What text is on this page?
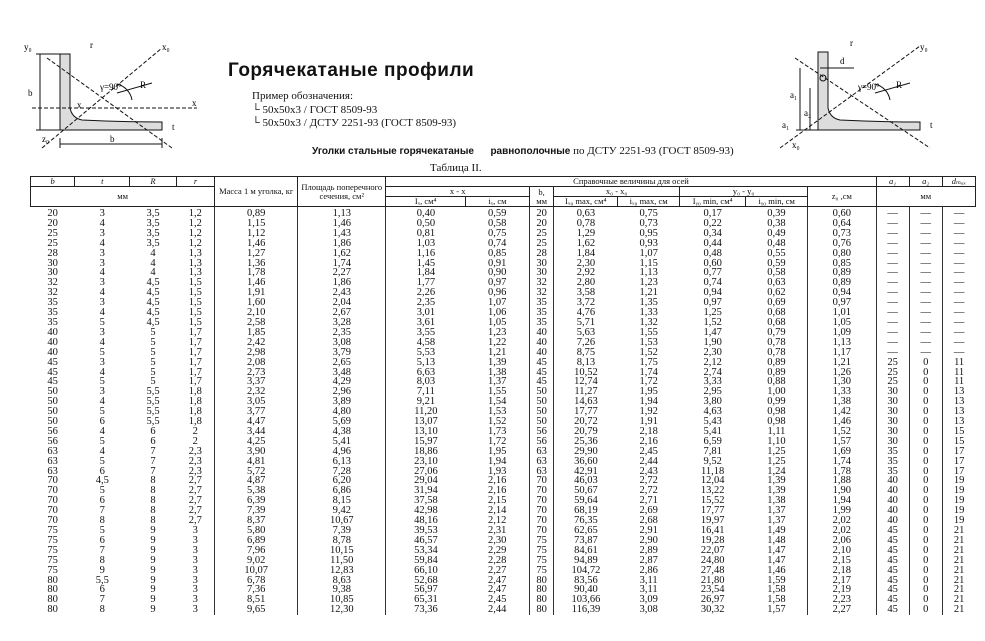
b
x	x
b
γ=90° R
r
y₀	x₀
t
z₀
Горячекатаные профили
Пример обозначения:
└ 50x50x3 / ГОСТ 8509-93
└ 50x50x3 / ДСТУ 2251-93 (ГОСТ 8509-93)
a₁
a₂
a₁
R
r
γ=90°
y₀
x₀
t
d
Уголки стальные горячекатаные равнополочные по ДСТУ 2251-93 (ГОСТ 8509-93)
Таблица II.
b	t	R	r	Масса 1 м уголка, кг	Площадь поперечного сечения, см²	Справочные величины для осей								a₁	a₂	dₘₐₓ
мм						x - x		b,
мм	x₀ - x₀		y₀ - y₀		z₀ ,см	мм		
						Iₓ, см⁴	iₓ, см		Iₓ₀ max, см⁴	iₓ₀ max, см	Iᵧ₀ min, см⁴	iᵧ₀ min, см				
20	3	3,5	1,2	0,89	1,13	0,40	0,59	20	0,63	0,75	0,17	0,39	0,60	—	—	—
20	4	3,5	1,2	1,15	1,46	0,50	0,58	20	0,78	0,73	0,22	0,38	0,64	—	—	—
25	3	3,5	1,2	1,12	1,43	0,81	0,75	25	1,29	0,95	0,34	0,49	0,73	—	—	—
25	4	3,5	1,2	1,46	1,86	1,03	0,74	25	1,62	0,93	0,44	0,48	0,76	—	—	—
28	3	4	1,3	1,27	1,62	1,16	0,85	28	1,84	1,07	0,48	0,55	0,80	—	—	—
30	3	4	1,3	1,36	1,74	1,45	0,91	30	2,30	1,15	0,60	0,59	0,85	—	—	—
30	4	4	1,3	1,78	2,27	1,84	0,90	30	2,92	1,13	0,77	0,58	0,89	—	—	—
32	3	4,5	1,5	1,46	1,86	1,77	0,97	32	2,80	1,23	0,74	0,63	0,89	—	—	—
32	4	4,5	1,5	1,91	2,43	2,26	0,96	32	3,58	1,21	0,94	0,62	0,94	—	—	—
35	3	4,5	1,5	1,60	2,04	2,35	1,07	35	3,72	1,35	0,97	0,69	0,97	—	—	—
35	4	4,5	1,5	2,10	2,67	3,01	1,06	35	4,76	1,33	1,25	0,68	1,01	—	—	—
35	5	4,5	1,5	2,58	3,28	3,61	1,05	35	5,71	1,32	1,52	0,68	1,05	—	—	—
40	3	5	1,7	1,85	2,35	3,55	1,23	40	5,63	1,55	1,47	0,79	1,09	—	—	—
40	4	5	1,7	2,42	3,08	4,58	1,22	40	7,26	1,53	1,90	0,78	1,13	—	—	—
40	5	5	1,7	2,98	3,79	5,53	1,21	40	8,75	1,52	2,30	0,78	1,17	—	—	—
45	3	5	1,7	2,08	2,65	5,13	1,39	45	8,13	1,75	2,12	0,89	1,21	25	0	11
45	4	5	1,7	2,73	3,48	6,63	1,38	45	10,52	1,74	2,74	0,89	1,26	25	0	11
45	5	5	1,7	3,37	4,29	8,03	1,37	45	12,74	1,72	3,33	0,88	1,30	25	0	11
50	3	5,5	1,8	2,32	2,96	7,11	1,55	50	11,27	1,95	2,95	1,00	1,33	30	0	13
50	4	5,5	1,8	3,05	3,89	9,21	1,54	50	14,63	1,94	3,80	0,99	1,38	30	0	13
50	5	5,5	1,8	3,77	4,80	11,20	1,53	50	17,77	1,92	4,63	0,98	1,42	30	0	13
50	6	5,5	1,8	4,47	5,69	13,07	1,52	50	20,72	1,91	5,43	0,98	1,46	30	0	13
56	4	6	2	3,44	4,38	13,10	1,73	56	20,79	2,18	5,41	1,11	1,52	30	0	15
56	5	6	2	4,25	5,41	15,97	1,72	56	25,36	2,16	6,59	1,10	1,57	30	0	15
63	4	7	2,3	3,90	4,96	18,86	1,95	63	29,90	2,45	7,81	1,25	1,69	35	0	17
63	5	7	2,3	4,81	6,13	23,10	1,94	63	36,60	2,44	9,52	1,25	1,74	35	0	17
63	6	7	2,3	5,72	7,28	27,06	1,93	63	42,91	2,43	11,18	1,24	1,78	35	0	17
70	4,5	8	2,7	4,87	6,20	29,04	2,16	70	46,03	2,72	12,04	1,39	1,88	40	0	19
70	5	8	2,7	5,38	6,86	31,94	2,16	70	50,67	2,72	13,22	1,39	1,90	40	0	19
70	6	8	2,7	6,39	8,15	37,58	2,15	70	59,64	2,71	15,52	1,38	1,94	40	0	19
70	7	8	2,7	7,39	9,42	42,98	2,14	70	68,19	2,69	17,77	1,37	1,99	40	0	19
70	8	8	2,7	8,37	10,67	48,16	2,12	70	76,35	2,68	19,97	1,37	2,02	40	0	19
75	5	9	3	5,80	7,39	39,53	2,31	70	62,65	2,91	16,41	1,49	2,02	45	0	21
75	6	9	3	6,89	8,78	46,57	2,30	75	73,87	2,90	19,28	1,48	2,06	45	0	21
75	7	9	3	7,96	10,15	53,34	2,29	75	84,61	2,89	22,07	1,47	2,10	45	0	21
75	8	9	3	9,02	11,50	59,84	2,28	75	94,89	2,87	24,80	1,47	2,15	45	0	21
75	9	9	3	10,07	12,83	66,10	2,27	75	104,72	2,86	27,48	1,46	2,18	45	0	21
80	5,5	9	3	6,78	8,63	52,68	2,47	80	83,56	3,11	21,80	1,59	2,17	45	0	21
80	6	9	3	7,36	9,38	56,97	2,47	80	90,40	3,11	23,54	1,58	2,19	45	0	21
80	7	9	3	8,51	10,85	65,31	2,45	80	103,66	3,09	26,97	1,58	2,23	45	0	21
80	8	9	3	9,65	12,30	73,36	2,44	80	116,39	3,08	30,32	1,57	2,27	45	0	21
